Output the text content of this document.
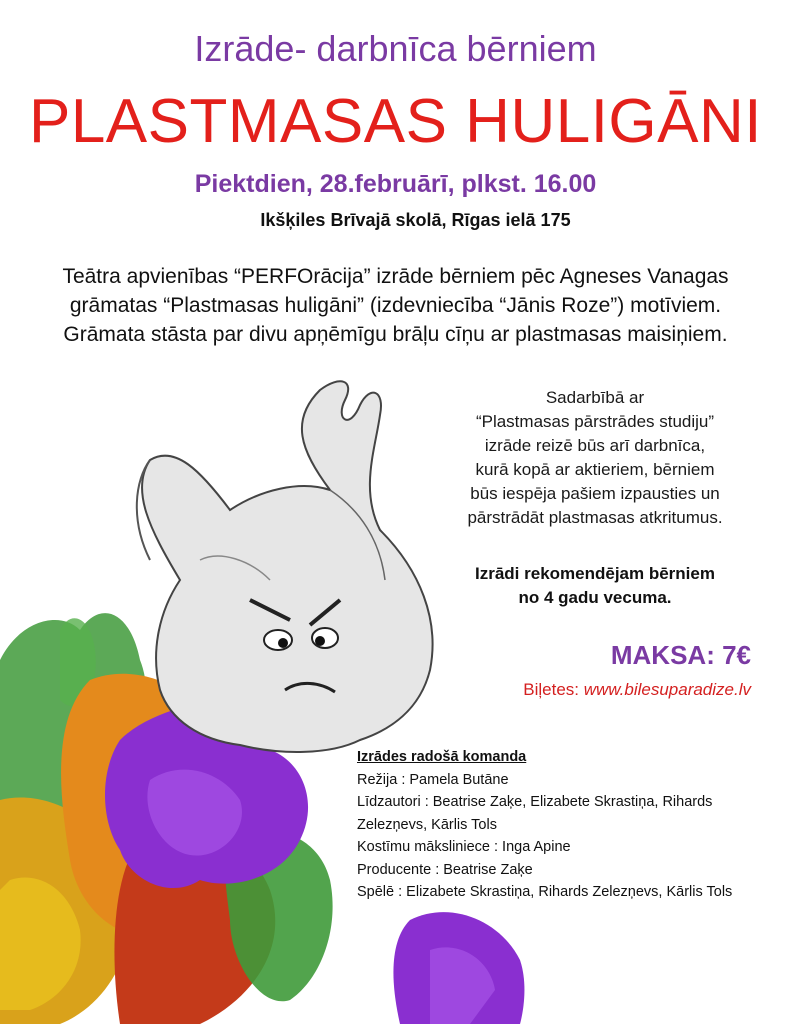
Izrāde- darbnīca bērniem
PLASTMASAS HULIGĀNI
Piektdien, 28.februārī, plkst. 16.00
Ikšķiles Brīvajā skolā, Rīgas ielā 175
Teātra apvienības “PERFOrācija” izrāde bērniem pēc Agneses Vanagas
grāmatas “Plastmasas huligāni” (izdevniecība “Jānis Roze”) motīviem.
Grāmata stāsta par divu apņēmīgu brāļu cīņu ar plastmasas maisiņiem.
Sadarbībā ar
“Plastmasas pārstrādes studiju”
izrāde reizē būs arī darbnīca,
kurā kopā ar aktieriem, bērniem
būs iespēja pašiem izpausties un
pārstrādāt plastmasas atkritumus.
Izrādi rekomendējam bērniem
no 4 gadu vecuma.
MAKSA: 7€
Biļetes: www.bilesuparadize.lv
Izrādes radošā komanda
Režija : Pamela Butāne
Līdzautori : Beatrise Zaķe, Elizabete Skrastiņa, Rihards
Zelezņevs, Kārlis Tols
Kostīmu māksliniece : Inga Apine
Producente : Beatrise Zaķe
Spēlē : Elizabete Skrastiņa, Rihards Zelezņevs, Kārlis Tols
